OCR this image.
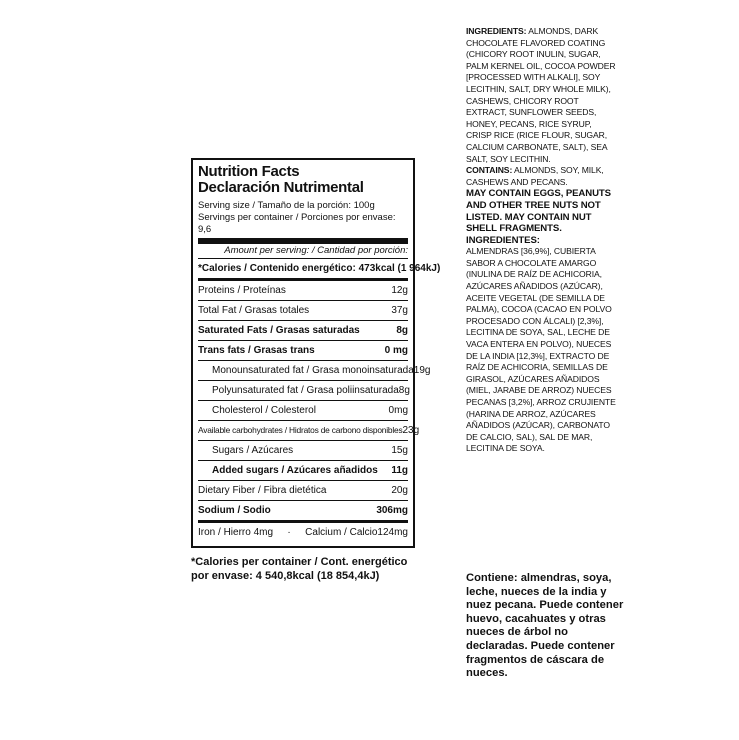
Nutrition Facts
Declaración Nutrimental
Serving size / Tamaño de la porción: 100g
Servings per container / Porciones por envase: 9,6
Amount per serving: / Cantidad por porción:
*Calories / Contenido energético: 473kcal (1 964kJ)
Proteins / Proteínas	12g
Total Fat / Grasas totales	37g
Saturated Fats / Grasas saturadas	8g
Trans fats / Grasas trans	0 mg
Monounsaturated fat / Grasa monoinsaturada 19g
Polyunsaturated fat / Grasa poliinsaturada 8g
Cholesterol / Colesterol	0mg
Available carbohydrates / Hidratos de carbono disponibles 23g
Sugars / Azúcares	15g
Added sugars / Azúcares añadidos 11g
Dietary Fiber / Fibra dietética	20g
Sodium / Sodio	306mg
Iron / Hierro 4mg · Calcium / Calcio124mg
*Calories per container / Cont. energético por envase: 4 540,8kcal (18 854,4kJ)
INGREDIENTS: ALMONDS, DARK CHOCOLATE FLAVORED COATING (CHICORY ROOT INULIN, SUGAR, PALM KERNEL OIL, COCOA POWDER [PROCESSED WITH ALKALI], SOY LECITHIN, SALT, DRY WHOLE MILK), CASHEWS, CHICORY ROOT EXTRACT, SUNFLOWER SEEDS, HONEY, PECANS, RICE SYRUP, CRISP RICE (RICE FLOUR, SUGAR, CALCIUM CARBONATE, SALT), SEA SALT, SOY LECITHIN.
CONTAINS: ALMONDS, SOY, MILK, CASHEWS AND PECANS.
MAY CONTAIN EGGS, PEANUTS AND OTHER TREE NUTS NOT LISTED. MAY CONTAIN NUT SHELL FRAGMENTS.
INGREDIENTES:
ALMENDRAS [36,9%], CUBIERTA SABOR A CHOCOLATE AMARGO (INULINA DE RAÍZ DE ACHICORIA, AZÚCARES AÑADIDOS (AZÚCAR), ACEITE VEGETAL (DE SEMILLA DE PALMA), COCOA (CACAO EN POLVO PROCESADO CON ÁLCALI) [2,3%], LECITINA DE SOYA, SAL, LECHE DE VACA ENTERA EN POLVO), NUECES DE LA INDIA [12,3%], EXTRACTO DE RAÍZ DE ACHICORIA, SEMILLAS DE GIRASOL, AZÚCARES AÑADIDOS (MIEL, JARABE DE ARROZ) NUECES PECANAS [3,2%], ARROZ CRUJIENTE (HARINA DE ARROZ, AZÚCARES AÑADIDOS (AZÚCAR), CARBONATO DE CALCIO, SAL), SAL DE MAR, LECITINA DE SOYA.
Contiene: almendras, soya, leche, nueces de la india y nuez pecana. Puede contener huevo, cacahuates y otras nueces de árbol no declaradas. Puede contener fragmentos de cáscara de nueces.
